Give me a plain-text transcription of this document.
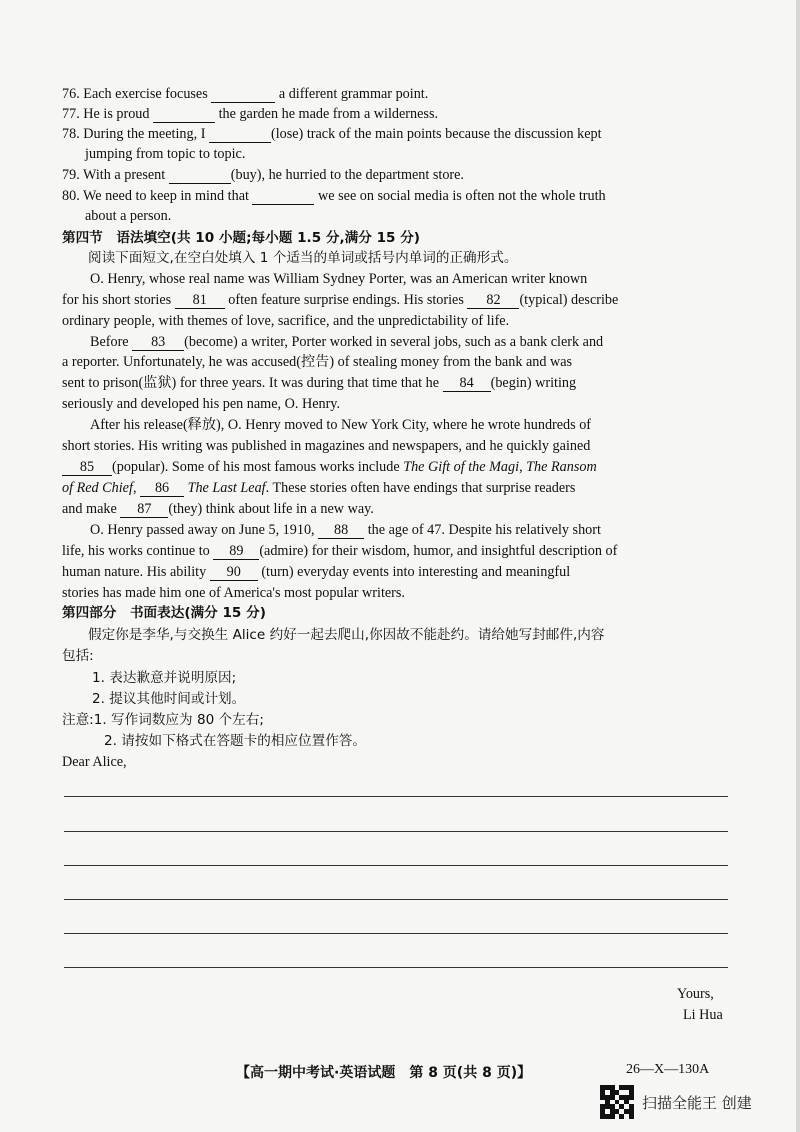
76. Each exercise focuses	a different grammar point.
77. He is proud	the garden he made from a wilderness.
78. During the meeting, I	(lose) track of the main points because the discussion kept
jumping from topic to topic.
79. With a present	(buy), he hurried to the department store.
80. We need to keep in mind that	we see on social media is often not the whole truth
about a person.
第四节　语法填空(共 10 小题;每小题 1.5 分,满分 15 分)
阅读下面短文,在空白处填入 1 个适当的单词或括号内单词的正确形式。
O. Henry, whose real name was William Sydney Porter, was an American writer known
for his short stories 81 often feature surprise endings. His stories 82 (typical) describe
ordinary people, with themes of love, sacrifice, and the unpredictability of life.
Before 83 (become) a writer, Porter worked in several jobs, such as a bank clerk and
a reporter. Unfortunately, he was accused(控告) of stealing money from the bank and was
sent to prison(监狱) for three years. It was during that time that he 84 (begin) writing
seriously and developed his pen name, O. Henry.
After his release(释放), O. Henry moved to New York City, where he wrote hundreds of
short stories. His writing was published in magazines and newspapers, and he quickly gained
85 (popular). Some of his most famous works include The Gift of the Magi, The Ransom
of Red Chief, 86 The Last Leaf. These stories often have endings that surprise readers
and make 87 (they) think about life in a new way.
O. Henry passed away on June 5, 1910, 88 the age of 47. Despite his relatively short
life, his works continue to 89 (admire) for their wisdom, humor, and insightful description of
human nature. His ability 90 (turn) everyday events into interesting and meaningful
stories has made him one of America's most popular writers.
第四部分　书面表达(满分 15 分)
假定你是李华,与交换生 Alice 约好一起去爬山,你因故不能赴约。请给她写封邮件,内容
包括:
1. 表达歉意并说明原因;
2. 提议其他时间或计划。
注意:1. 写作词数应为 80 个左右;
2. 请按如下格式在答题卡的相应位置作答。
Dear Alice,
Yours,
Li Hua
【高一期中考试·英语试题　第 8 页(共 8 页)】	26—X—130A
扫描全能王 创建
